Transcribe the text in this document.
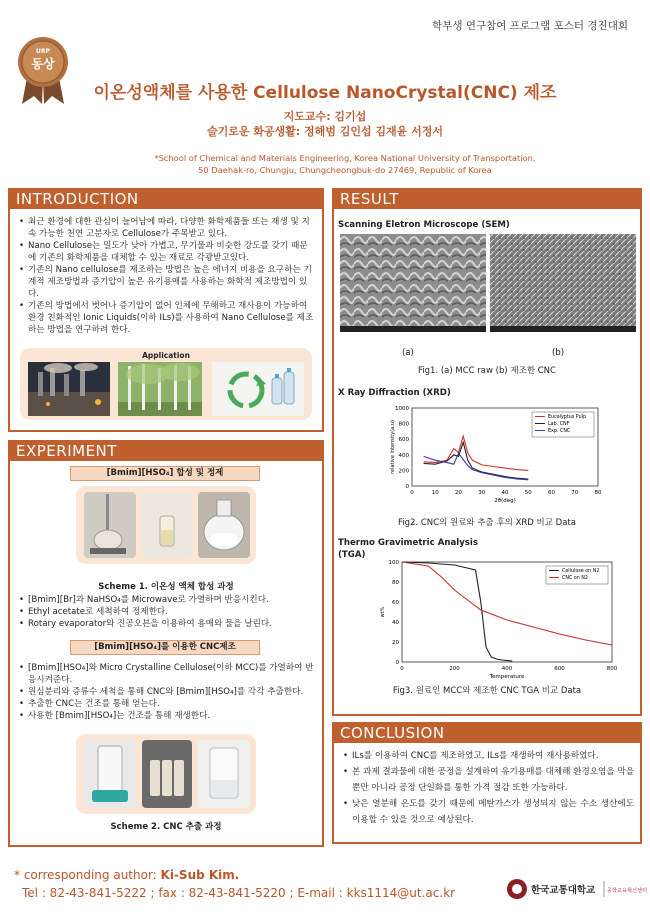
학부생 연구참여 프로그램 포스터 경진대회
URP
동상
이온성액체를 사용한 Cellulose NanoCrystal(CNC) 제조
지도교수: 김기섭
슬기로운 화공생활: 정해범 김인섭 김재윤 서정서
*School of Chemical and Materials Engineering, Korea National University of Transportation,
50 Daehak-ro, Chungju, Chungcheongbuk-do 27469, Republic of Korea
INTRODUCTION
• 최근 환경에 대한 관심이 늘어남에 따라, 다양한 화학제품들 또는 재생 및 지속 가능한 천연 고분자로 Cellulose가 주목받고 있다.
• Nano Cellulose는 밀도가 낮아 가볍고, 무기물과 비슷한 강도를 갖기 때문에 기존의 화학제품을 대체할 수 있는 재료로 각광받고있다.
• 기존의 Nano cellulose를 제조하는 방법은 높은 에너지 비용을 요구하는 기계적 제조방법과 증기압이 높은 유기용매를 사용하는 화학적 제조방법이 있다.
• 기존의 방법에서 벗어나 증기압이 없어 인체에 무해하고 재사용이 가능하여 환경 친화적인 Ionic Liquids(이하 ILs)를 사용하여 Nano Cellulose를 제조하는 방법을 연구하려 한다.
Application
EXPERIMENT
[Bmim][HSO₄] 합성 및 정제
Scheme 1. 이온성 액체 합성 과정
• [Bmim][Br]과 NaHSO₄를 Microwave로 가열하며 반응시킨다.
• Ethyl acetate로 세척하여 정제한다.
• Rotary evaporator와 진공오븐을 이용하여 용매와 물을 날린다.
[Bmim][HSO₄]를 이용한 CNC제조
• [Bmim][HSO₄]와 Micro Crystalline Cellulose(이하 MCC)를 가열하여 반응시켜준다.
• 원심분리와 증류수 세척을 통해 CNC와 [Bmim][HSO₄]를 각각 추출한다.
• 추출한 CNC는 건조를 통해 얻는다.
• 사용한 [Bmim][HSO₄]는 건조를 통해 재생한다.
Scheme 2. CNC 추출 과정
RESULT
Scanning Eletron Microscope (SEM)
(a)	(b)
Fig1. (a) MCC raw (b) 제조한 CNC
X Ray Diffraction (XRD)
0	10	20	30	40	50	60	70	80
0
200
400
600
800
1000
2θ(deg)
relative intensity(a.u)
Eucalyptus Pulp
Lab. CNF
Exp. CNC
Fig2. CNC의 원료와 추출 후의 XRD 비교 Data
Thermo Gravimetric Analysis
(TGA)
0	200	400	600	800
0
20
40
60
80
100
Temperature
wt%
Cellulose on N2
CNC on N2
Fig3. 원료인 MCC와 제조한 CNC TGA 비교 Data
CONCLUSION
• ILs를 이용하여 CNC를 제조하였고, ILs를 재생하여 재사용하였다.
• 본 과제 결과물에 대한 공정을 설계하여 유기용매를 대체해 환경오염을 막을 뿐만 아니라 공정 단일화를 통한 가격 절감 또한 가능하다.
• 낮은 열분해 온도를 갖기 때문에 메탄가스가 생성되지 않는 수소 생산에도 이용할 수 있을 것으로 예상된다.
* corresponding author: Ki-Sub Kim.
Tel : 82-43-841-5222 ; fax : 82-43-841-5220 ; E-mail : kks1114@ut.ac.kr	한국교통대학교 공학교육혁신센터
